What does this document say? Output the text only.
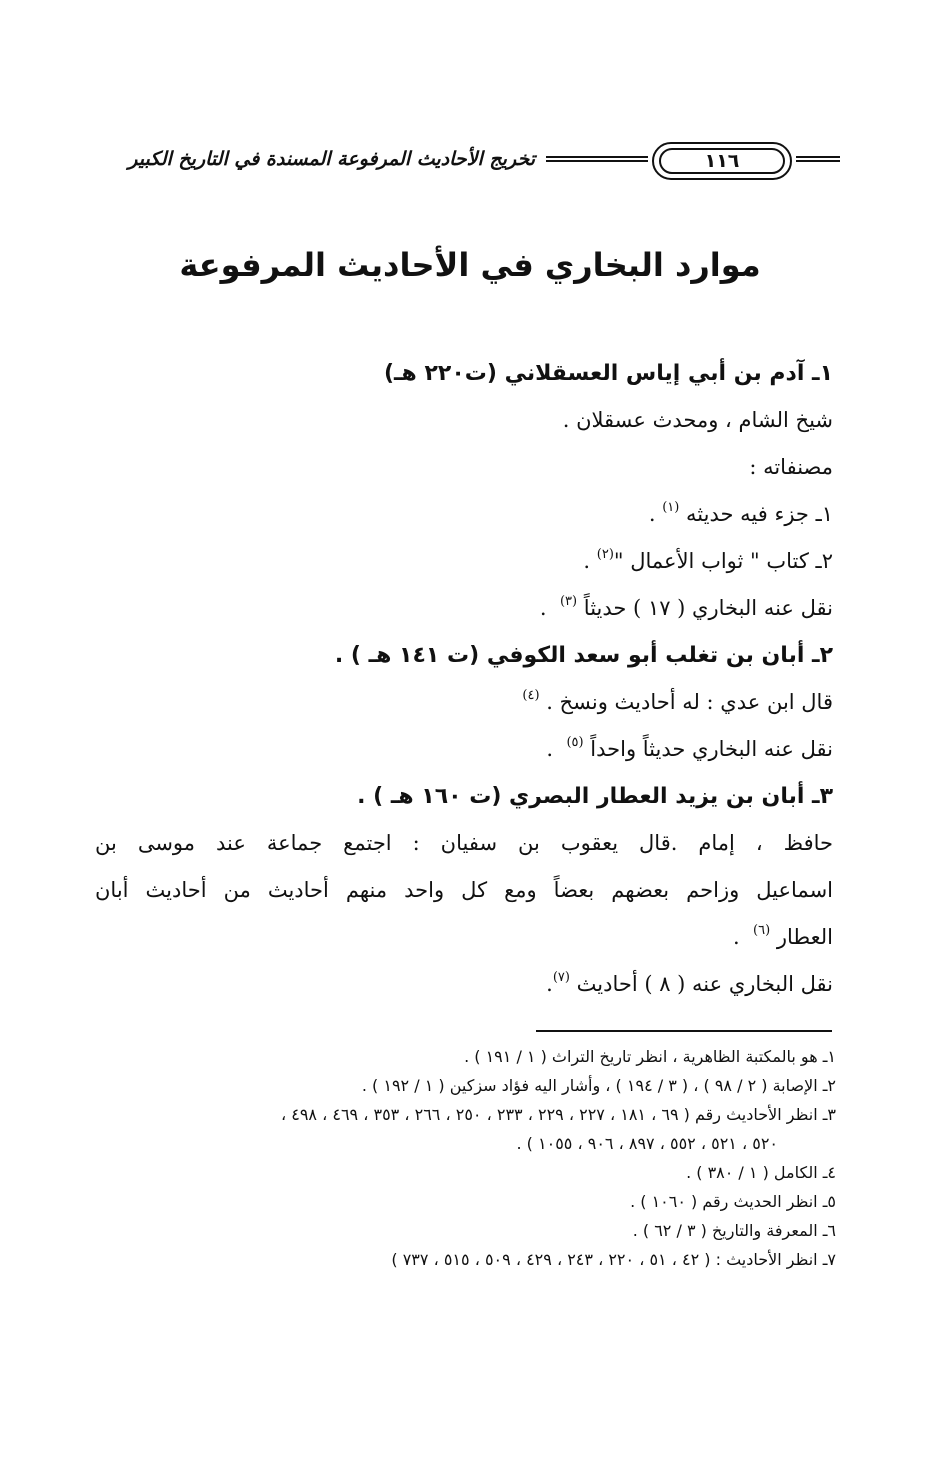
تخريج الأحاديث المرفوعة المسندة في التاريخ الكبير	١١٦
موارد البخاري في الأحاديث المرفوعة
١ـ آدم بن أبي إياس العسقلاني (ت٢٢٠ هـ)
شيخ الشام ، ومحدث عسقلان .
مصنفاته :
١ـ جزء فيه حديثه $^{(١)}$ .
٢ـ كتاب " ثواب الأعمال "$^{(٢)}$ .
نقل عنه البخاري ( ١٧ ) حديثاً $^{(٣)}$  .
٢ـ أبان بن تغلب أبو سعد الكوفي (ت ١٤١ هـ ) .
قال ابن عدي : له أحاديث ونسخ . $^{(٤)}$
نقل عنه البخاري حديثاً واحداً $^{(٥)}$  .
٣ـ أبان بن يزيد العطار البصري (ت ١٦٠ هـ ) .
حافظ ، إمام .قال يعقوب بن سفيان : اجتمع جماعة عند موسى بن
اسماعيل وزاحم بعضهم بعضاً ومع كل واحد منهم أحاديث من أحاديث أبان
العطار $^{(٦)}$  .
نقل البخاري عنه ( ٨ ) أحاديث $^{(٧)}$.
١ـ هو بالمكتبة الظاهرية ، انظر تاريخ التراث ( ١ / ١٩١ ) .
٢ـ الإصابة ( ٢ / ٩٨ ) ، ( ٣ / ١٩٤ ) ، وأشار اليه فؤاد سزكين ( ١ / ١٩٢ ) .
٣ـ انظر الأحاديث رقم ( ٦٩ ، ١٨١ ، ٢٢٧ ، ٢٢٩ ، ٢٣٣ ، ٢٥٠ ، ٢٦٦ ، ٣٥٣ ، ٤٦٩ ، ٤٩٨ ،
٥٢٠ ، ٥٢١ ، ٥٥٢ ، ٨٩٧ ، ٩٠٦ ، ١٠٥٥ ) .
٤ـ الكامل ( ١ / ٣٨٠ ) .
٥ـ انظر الحديث رقم ( ١٠٦٠ ) .
٦ـ المعرفة والتاريخ ( ٣ / ٦٢ ) .
٧ـ انظر الأحاديث : ( ٤٢ ، ٥١ ، ٢٢٠ ، ٢٤٣ ، ٤٢٩ ، ٥٠٩ ، ٥١٥ ، ٧٣٧ )
